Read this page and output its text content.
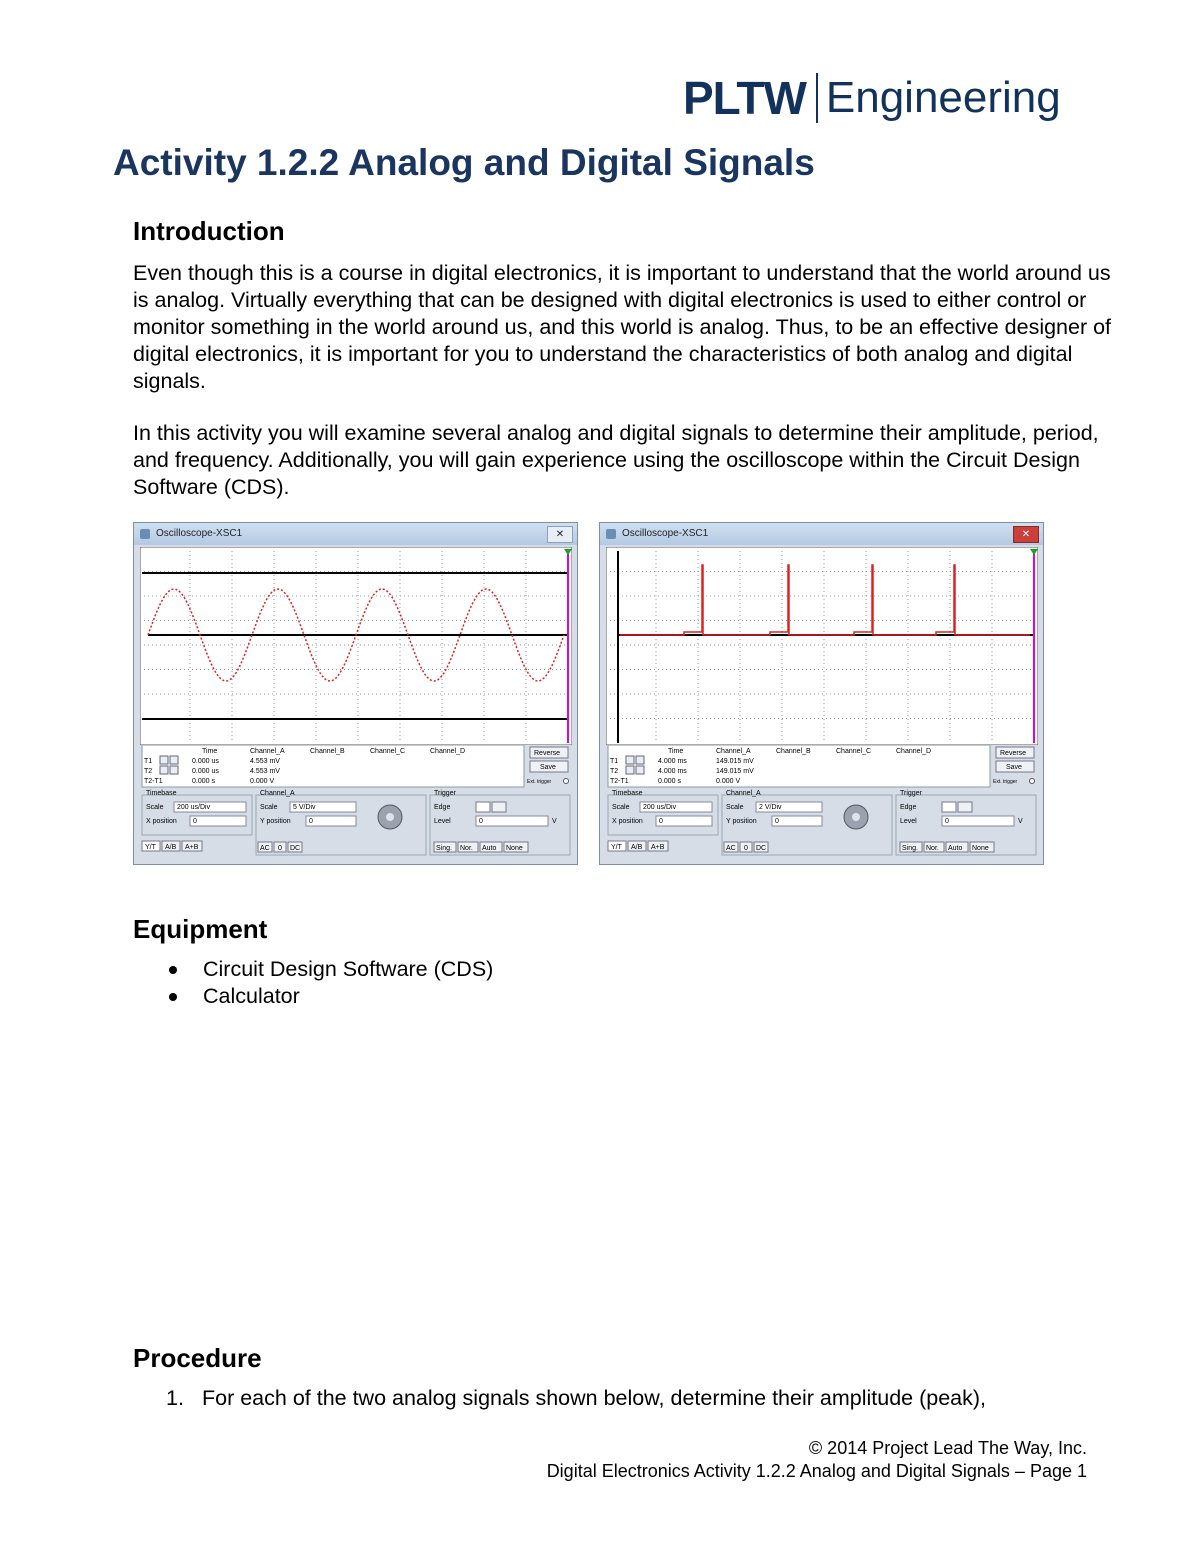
PLTW Engineering
Activity 1.2.2 Analog and Digital Signals
Introduction

Even though this is a course in digital electronics, it is important to understand that the world around us is analog. Virtually everything that can be designed with digital electronics is used to either control or monitor something in the world around us, and this world is analog. Thus, to be an effective designer of digital electronics, it is important for you to understand the characteristics of both analog and digital signals.

In this activity you will examine several analog and digital signals to determine their amplitude, period, and frequency. Additionally, you will gain experience using the oscilloscope within the Circuit Design Software (CDS).

Oscilloscope-XSC1	✕
Time	Channel_A	Channel_B	Channel_C	Channel_D
T1	0.000 us	4.553 mV
T2	0.000 us	4.553 mV
T2-T1	0.000 s	0.000 V
Reverse
Save
Ext. trigger
Timebase
Scale 200 us/Div
X position 0
Channel_A
Scale 5 V/Div
Y position	0
AC 0 DC
Trigger
Edge
Level	0	V
Sing. Nor. Auto None
Y/T A/B A+B
Oscilloscope-XSC1	✕
Time	Channel_A	Channel_B	Channel_C	Channel_D
T1	4.000 ms	149.015 mV
T2	4.000 ms	149.015 mV
T2-T1	0.000 s	0.000 V
Reverse
Save
Ext. trigger
Timebase
Scale 200 us/Div
X position 0
Channel_A
Scale 2 V/Div
Y position	0
AC 0 DC
Trigger
Edge
Level	0	V
Sing. Nor. Auto None
Y/T A/B A+B
Equipment
Circuit Design Software (CDS)
Calculator
Procedure
1. For each of the two analog signals shown below, determine their amplitude (peak),
© 2014 Project Lead The Way, Inc.
Digital Electronics Activity 1.2.2 Analog and Digital Signals – Page 1
